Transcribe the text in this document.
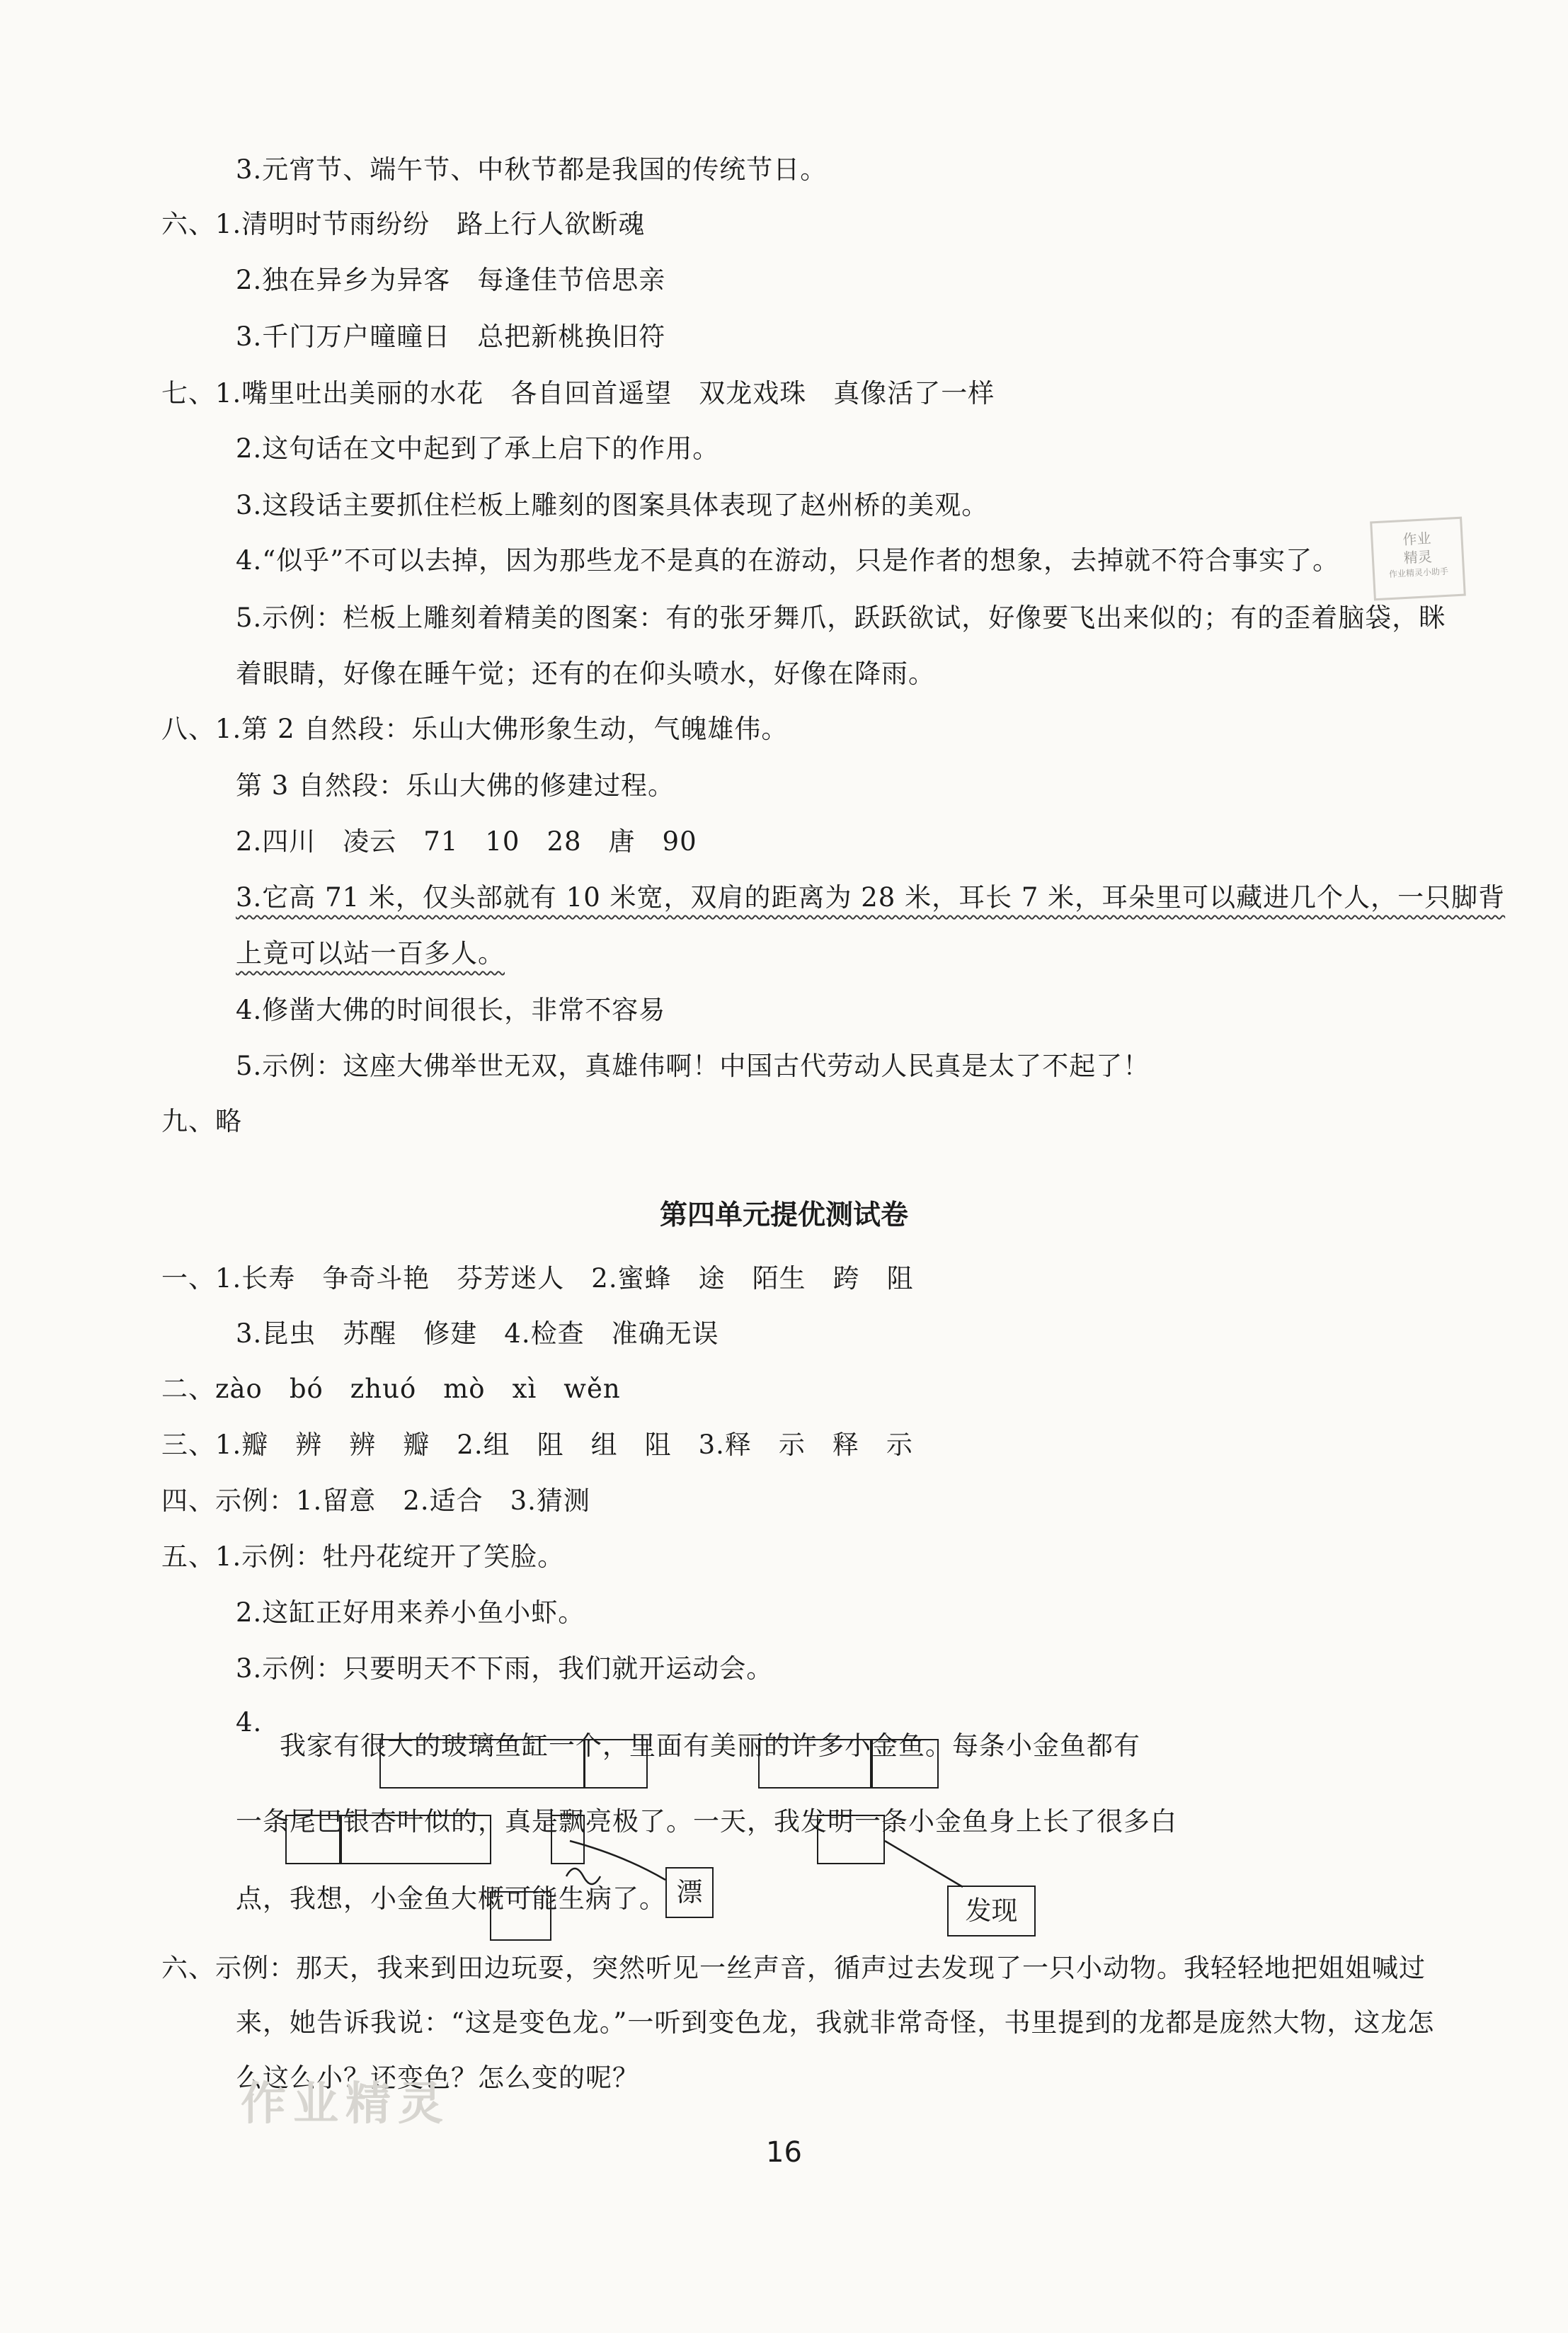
3.元宵节、端午节、中秋节都是我国的传统节日。
六、1.清明时节雨纷纷　路上行人欲断魂
2.独在异乡为异客　每逢佳节倍思亲
3.千门万户曈曈日　总把新桃换旧符
七、1.嘴里吐出美丽的水花　各自回首遥望　双龙戏珠　真像活了一样
2.这句话在文中起到了承上启下的作用。
3.这段话主要抓住栏板上雕刻的图案具体表现了赵州桥的美观。
4.“似乎”不可以去掉，因为那些龙不是真的在游动，只是作者的想象，去掉就不符合事实了。
5.示例：栏板上雕刻着精美的图案：有的张牙舞爪，跃跃欲试，好像要飞出来似的；有的歪着脑袋，眯
着眼睛，好像在睡午觉；还有的在仰头喷水，好像在降雨。
八、1.第 2 自然段：乐山大佛形象生动，气魄雄伟。
第 3 自然段：乐山大佛的修建过程。
2.四川　凌云　71　10　28　唐　90
4.修凿大佛的时间很长，非常不容易
5.示例：这座大佛举世无双，真雄伟啊！中国古代劳动人民真是太了不起了！
九、略
一、1.长寿　争奇斗艳　芬芳迷人　2.蜜蜂　途　陌生　跨　阻
3.昆虫　苏醒　修建　4.检查　准确无误
二、zào　bó　zhuó　mò　xì　wěn
三、1.瓣　辨　辨　瓣　2.组　阻　组　阻　3.释　示　释　示
四、示例：1.留意　2.适合　3.猜测
五、1.示例：牡丹花绽开了笑脸。
2.这缸正好用来养小鱼小虾。
3.示例：只要明天不下雨，我们就开运动会。
4.
我家有很大的玻璃鱼缸一个，里面有美丽的许多小金鱼。每条小金鱼都有
一条尾巴银杏叶似的，真是飘亮极了。一天，我发明一条小金鱼身上长了很多白
点，我想，小金鱼大概可能生病了。
六、示例：那天，我来到田边玩耍，突然听见一丝声音，循声过去发现了一只小动物。我轻轻地把姐姐喊过
来，她告诉我说：“这是变色龙。”一听到变色龙，我就非常奇怪，书里提到的龙都是庞然大物，这龙怎
么这么小？还变色？怎么变的呢？
3.它高 71 米，仅头部就有 10 米宽，双肩的距离为 28 米，耳长 7 米，耳朵里可以藏进几个人，一只脚背
上竟可以站一百多人。
第四单元提优测试卷
漂
发现
作业
精灵
作业精灵小助手
作业精灵
16
